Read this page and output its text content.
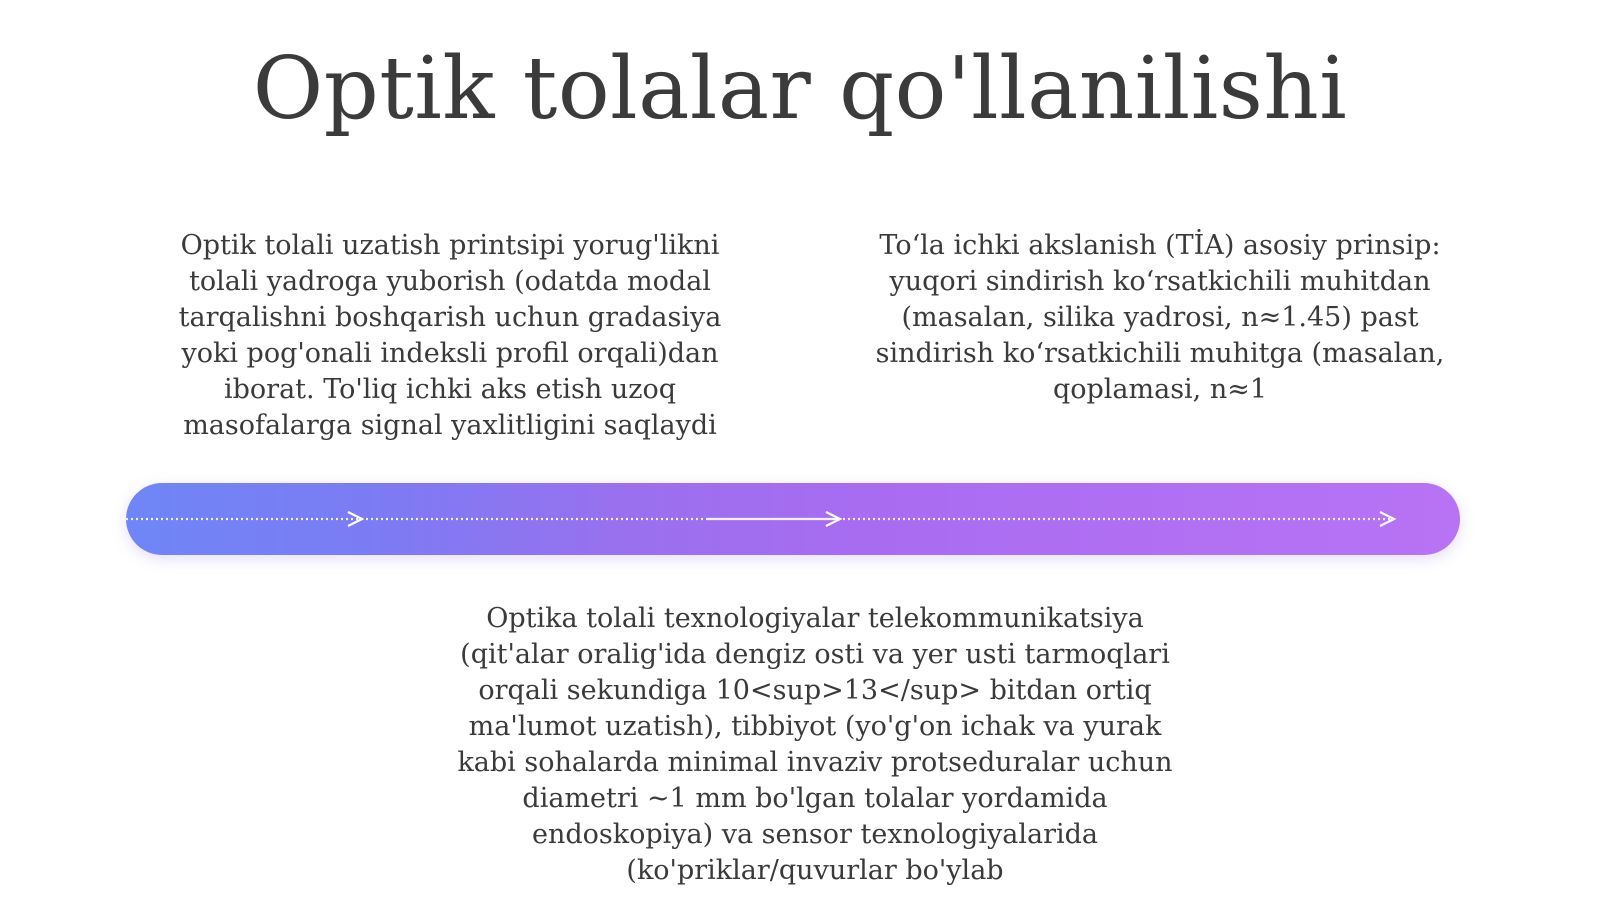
Optik tolalar qo'llanilishi

Optik tolali uzatish printsipi yorug'likni tolali yadroga yuborish (odatda modal tarqalishni boshqarish uchun gradasiya yoki pog'onali indeksli profil orqali)dan iborat. To'liq ichki aks etish uzoq masofalarga signal yaxlitligini saqlaydi

To‘la ichki akslanish (TİA) asosiy prinsip: yuqori sindirish ko‘rsatkichili muhitdan (masalan, silika yadrosi, n≈1.45) past sindirish ko‘rsatkichili muhitga (masalan, qoplamasi, n≈1

Optika tolali texnologiyalar telekommunikatsiya (qit'alar oralig'ida dengiz osti va yer usti tarmoqlari orqali sekundiga 10<sup>13</sup> bitdan ortiq ma'lumot uzatish), tibbiyot (yo'g'on ichak va yurak kabi sohalarda minimal invaziv protseduralar uchun diametri ~1 mm bo'lgan tolalar yordamida endoskopiya) va sensor texnologiyalarida (ko'priklar/quvurlar bo'ylab
